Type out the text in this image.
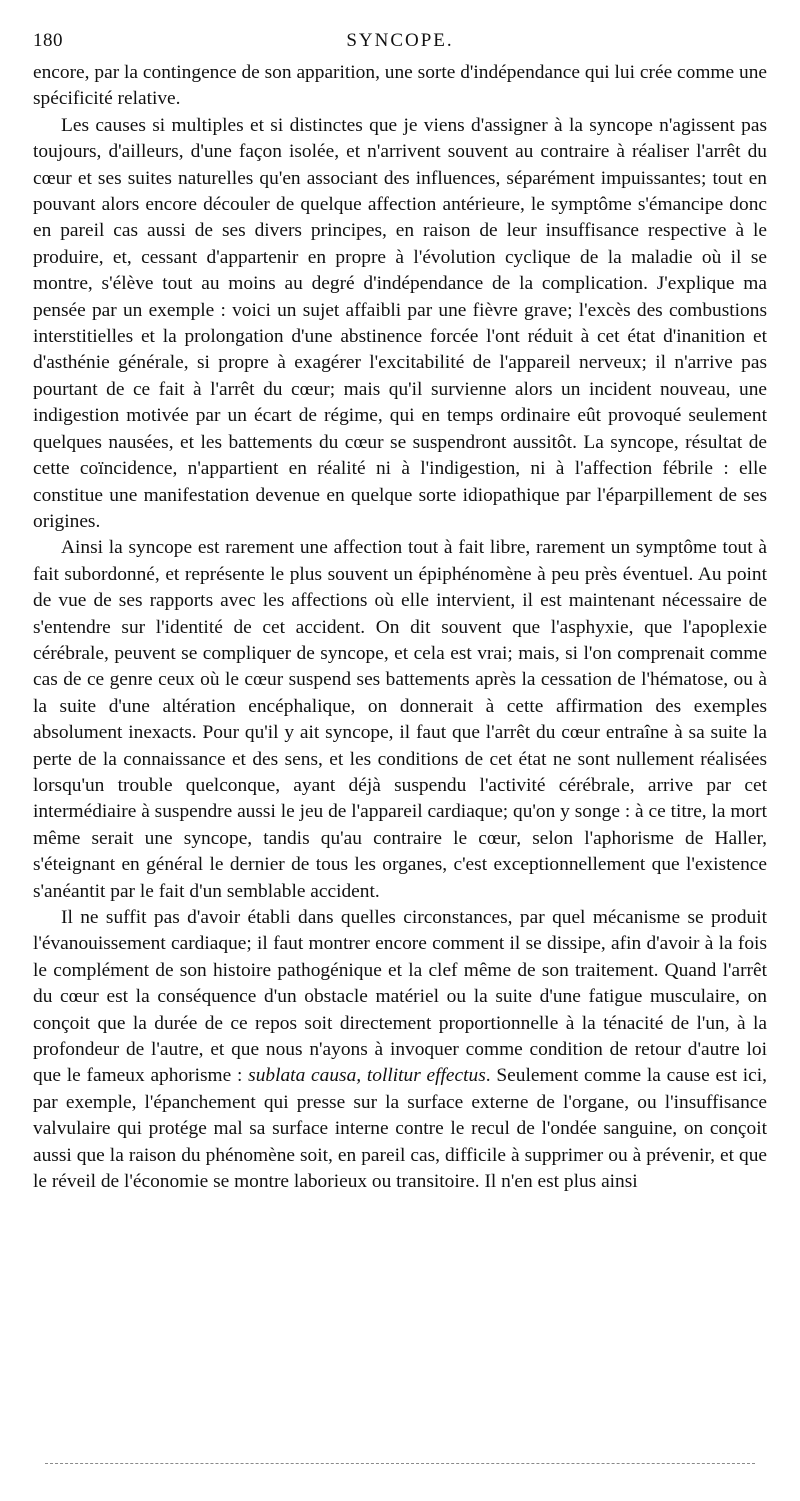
180	SYNCOPE.

encore, par la contingence de son apparition, une sorte d'indépendance qui lui crée comme une spécificité relative.

Les causes si multiples et si distinctes que je viens d'assigner à la syncope n'agissent pas toujours, d'ailleurs, d'une façon isolée, et n'arrivent souvent au contraire à réaliser l'arrêt du cœur et ses suites naturelles qu'en associant des influences, séparément impuissantes; tout en pouvant alors encore découler de quelque affection antérieure, le symptôme s'émancipe donc en pareil cas aussi de ses divers principes, en raison de leur insuffisance respective à le produire, et, cessant d'appartenir en propre à l'évolution cyclique de la maladie où il se montre, s'élève tout au moins au degré d'indépendance de la complication. J'explique ma pensée par un exemple : voici un sujet affaibli par une fièvre grave; l'excès des combustions interstitielles et la prolongation d'une abstinence forcée l'ont réduit à cet état d'inanition et d'asthénie générale, si propre à exagérer l'excitabilité de l'appareil nerveux; il n'arrive pas pourtant de ce fait à l'arrêt du cœur; mais qu'il survienne alors un incident nouveau, une indigestion motivée par un écart de régime, qui en temps ordinaire eût provoqué seulement quelques nausées, et les battements du cœur se suspendront aussitôt. La syncope, résultat de cette coïncidence, n'appartient en réalité ni à l'indigestion, ni à l'affection fébrile : elle constitue une manifestation devenue en quelque sorte idiopathique par l'éparpillement de ses origines.

Ainsi la syncope est rarement une affection tout à fait libre, rarement un symptôme tout à fait subordonné, et représente le plus souvent un épiphénomène à peu près éventuel. Au point de vue de ses rapports avec les affections où elle intervient, il est maintenant nécessaire de s'entendre sur l'identité de cet accident. On dit souvent que l'asphyxie, que l'apoplexie cérébrale, peuvent se compliquer de syncope, et cela est vrai; mais, si l'on comprenait comme cas de ce genre ceux où le cœur suspend ses battements après la cessation de l'hématose, ou à la suite d'une altération encéphalique, on donnerait à cette affirmation des exemples absolument inexacts. Pour qu'il y ait syncope, il faut que l'arrêt du cœur entraîne à sa suite la perte de la connaissance et des sens, et les conditions de cet état ne sont nullement réalisées lorsqu'un trouble quelconque, ayant déjà suspendu l'activité cérébrale, arrive par cet intermédiaire à suspendre aussi le jeu de l'appareil cardiaque; qu'on y songe : à ce titre, la mort même serait une syncope, tandis qu'au contraire le cœur, selon l'aphorisme de Haller, s'éteignant en général le dernier de tous les organes, c'est exceptionnellement que l'existence s'anéantit par le fait d'un semblable accident.

Il ne suffit pas d'avoir établi dans quelles circonstances, par quel mécanisme se produit l'évanouissement cardiaque; il faut montrer encore comment il se dissipe, afin d'avoir à la fois le complément de son histoire pathogénique et la clef même de son traitement. Quand l'arrêt du cœur est la conséquence d'un obstacle matériel ou la suite d'une fatigue musculaire, on conçoit que la durée de ce repos soit directement proportionnelle à la ténacité de l'un, à la profondeur de l'autre, et que nous n'ayons à invoquer comme condition de retour d'autre loi que le fameux aphorisme : sublata causa, tollitur effectus. Seulement comme la cause est ici, par exemple, l'épanchement qui presse sur la surface externe de l'organe, ou l'insuffisance valvulaire qui protége mal sa surface interne contre le recul de l'ondée sanguine, on conçoit aussi que la raison du phénomène soit, en pareil cas, difficile à supprimer ou à prévenir, et que le réveil de l'économie se montre laborieux ou transitoire. Il n'en est plus ainsi
